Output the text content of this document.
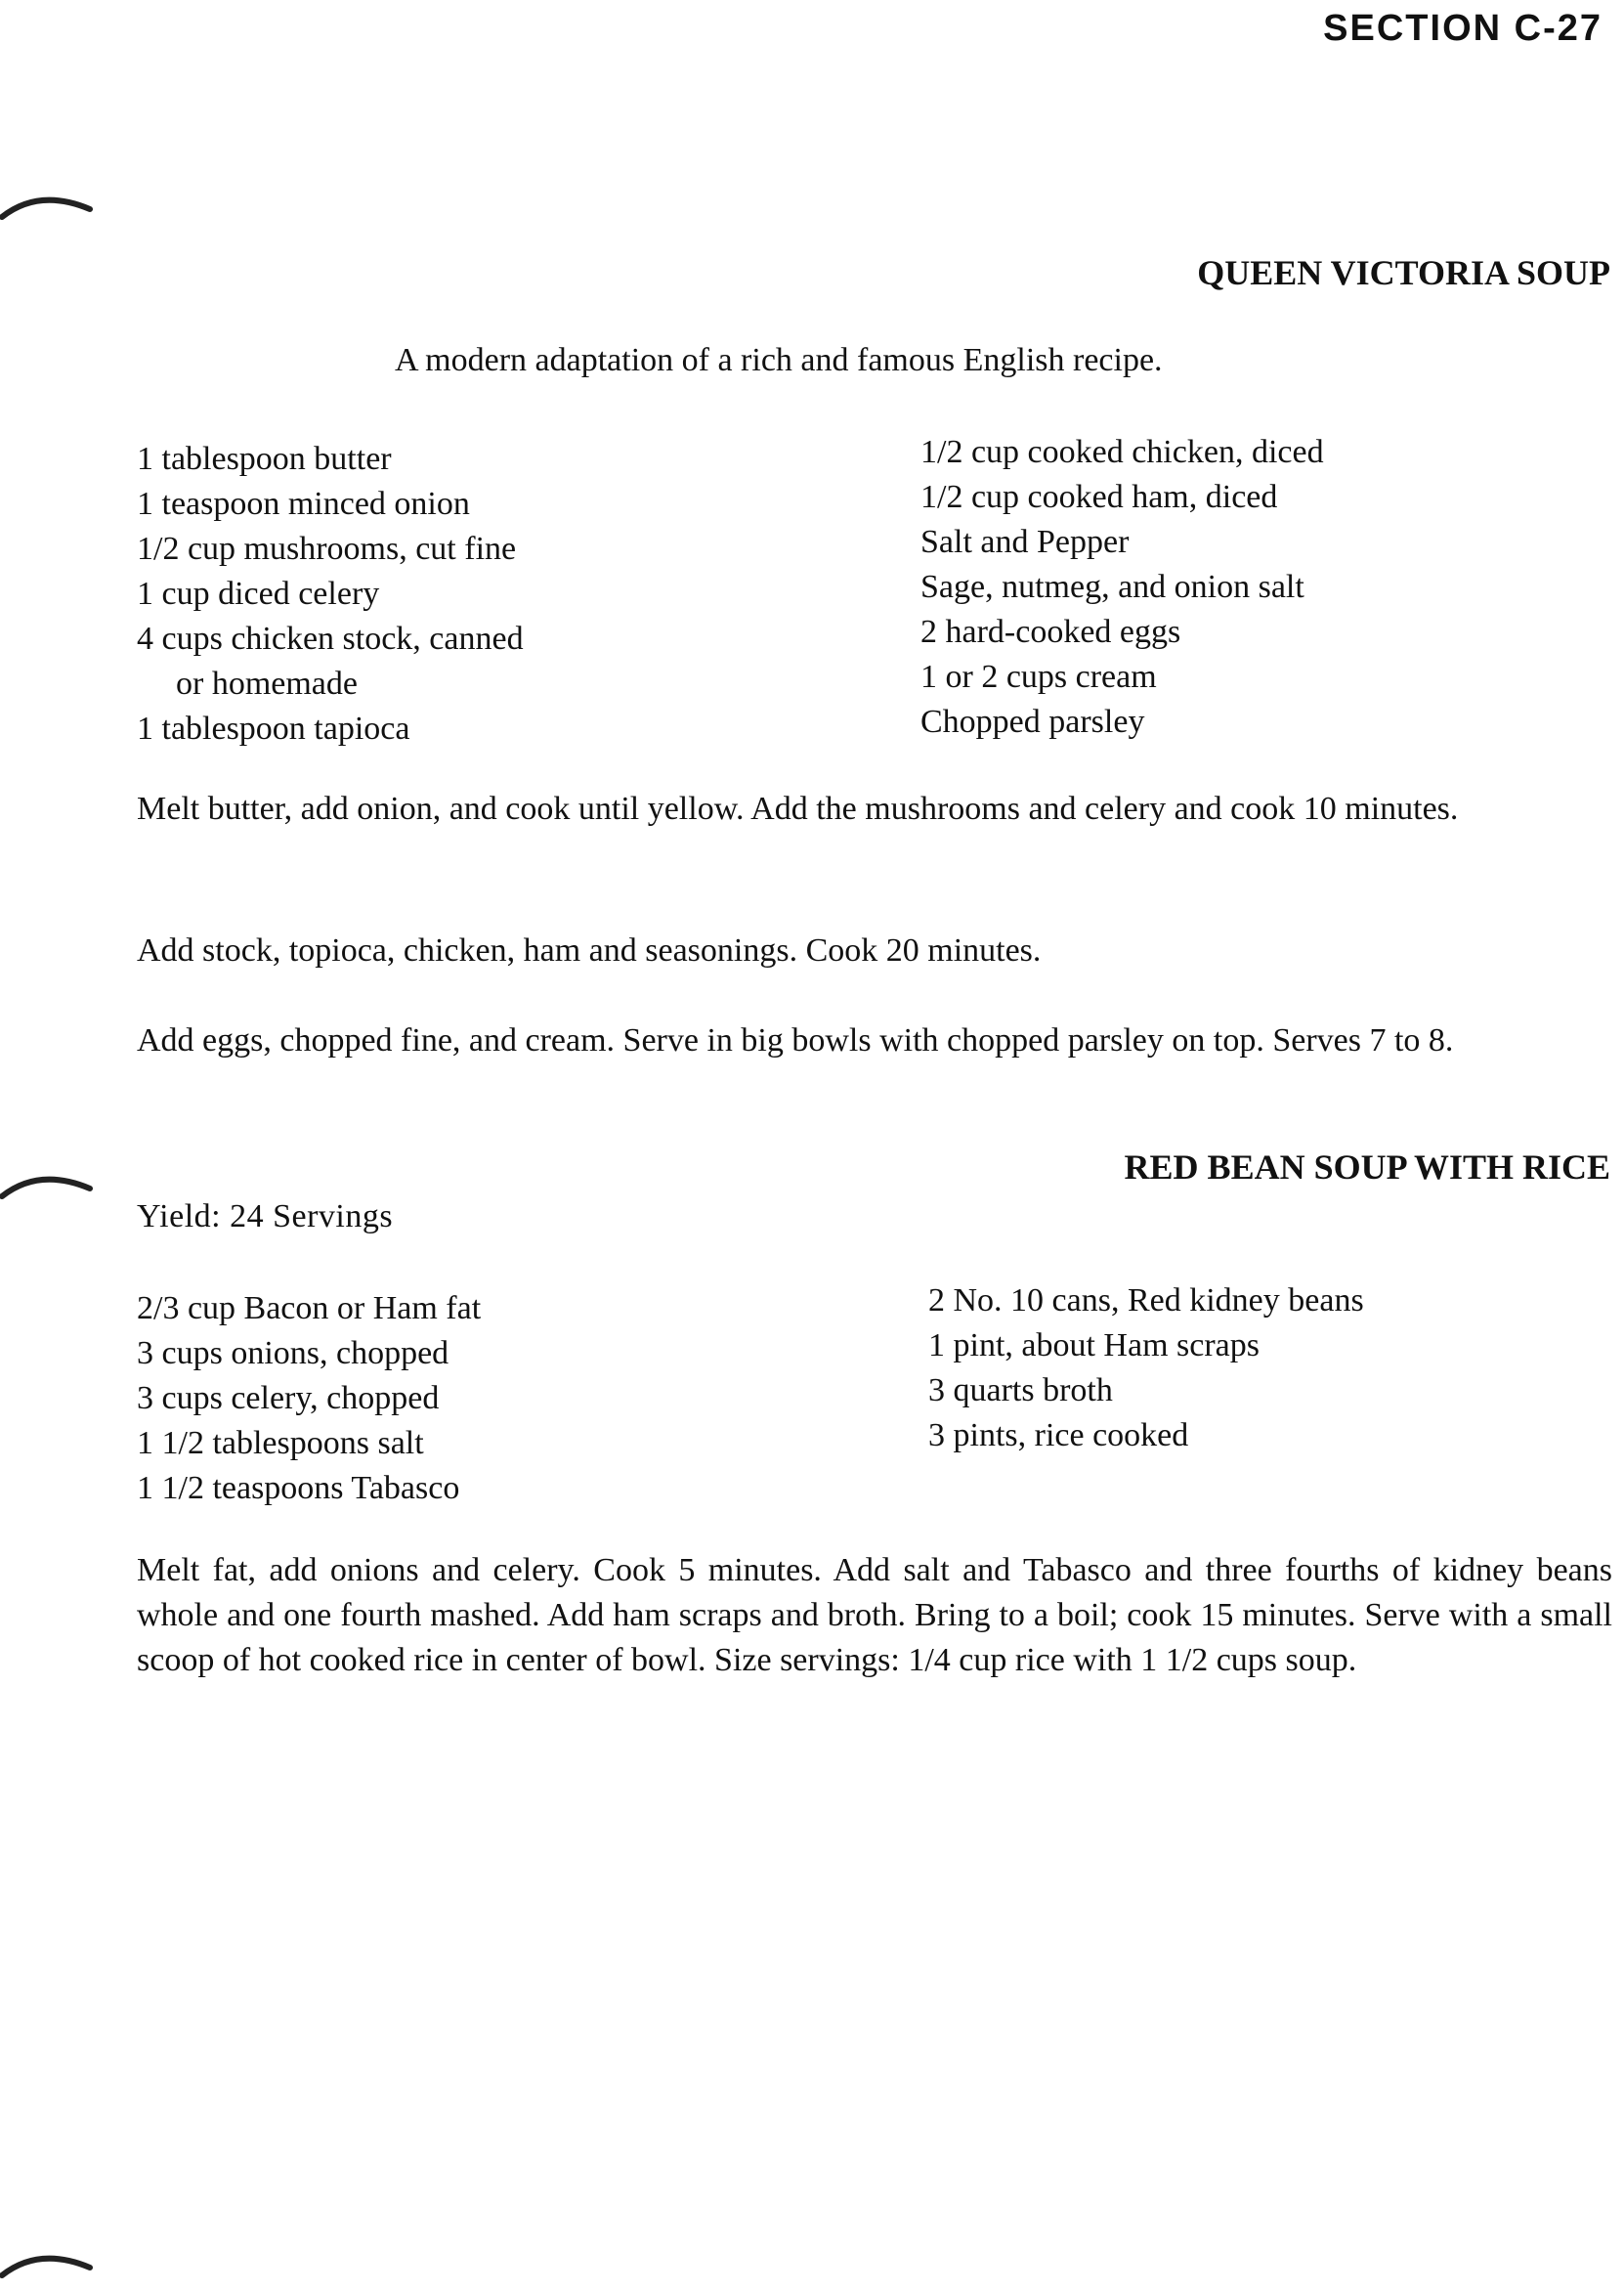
SECTION C-27
QUEEN VICTORIA SOUP
A modern adaptation of a rich and famous English recipe.
1 tablespoon butter
1 teaspoon minced onion
1/2 cup mushrooms, cut fine
1 cup diced celery
4 cups chicken stock, canned
or homemade
1 tablespoon tapioca
1/2 cup cooked chicken, diced
1/2 cup cooked ham, diced
Salt and Pepper
Sage, nutmeg, and onion salt
2 hard-cooked eggs
1 or 2 cups cream
Chopped parsley

Melt butter, add onion, and cook until yellow. Add the mushrooms and celery and cook 10 minutes.

Add stock, topioca, chicken, ham and seasonings. Cook 20 minutes.

Add eggs, chopped fine, and cream. Serve in big bowls with chopped parsley on top. Serves 7 to 8.

RED BEAN SOUP WITH RICE
Yield: 24 Servings
2/3 cup Bacon or Ham fat
3 cups onions, chopped
3 cups celery, chopped
1 1/2 tablespoons salt
1 1/2 teaspoons Tabasco
2 No. 10 cans, Red kidney beans
1 pint, about Ham scraps
3 quarts broth
3 pints, rice cooked

Melt fat, add onions and celery. Cook 5 minutes. Add salt and Tabasco and three fourths of kidney beans whole and one fourth mashed. Add ham scraps and broth. Bring to a boil; cook 15 minutes. Serve with a small scoop of hot cooked rice in center of bowl. Size servings: 1/4 cup rice with 1 1/2 cups soup.
